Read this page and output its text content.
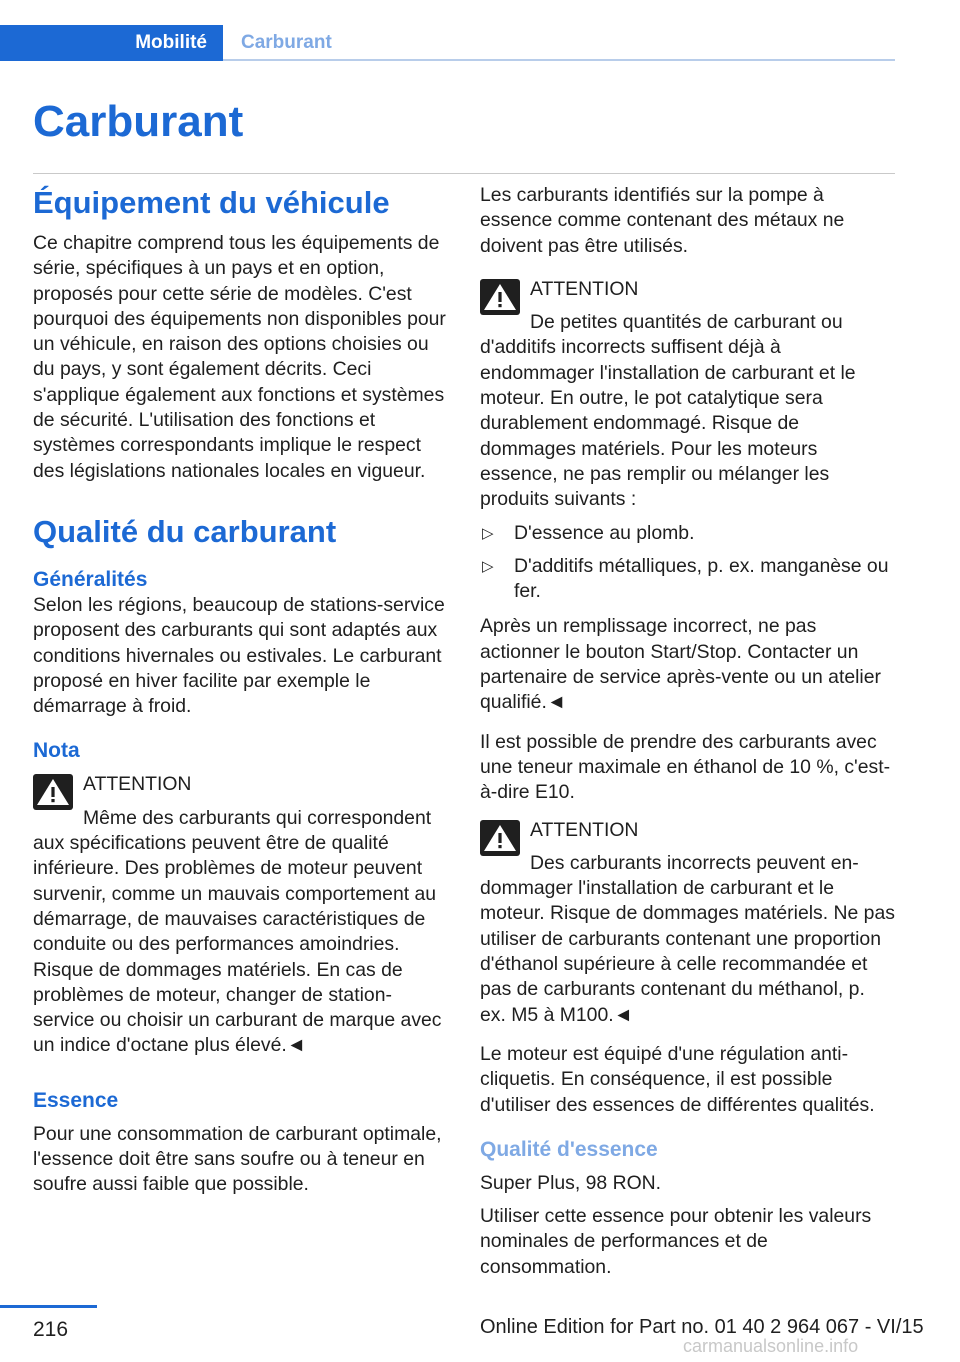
Mobilité	Carburant
Carburant
Équipement du véhicule

Ce chapitre comprend tous les équipements de série, spécifiques à un pays et en option, proposés pour cette série de modèles. C'est pourquoi des équipements non disponibles pour un véhicule, en raison des options choisies ou du pays, y sont également décrits. Ceci s'applique également aux fonctions et systèmes de sécurité. L'utilisation des fonctions et systèmes correspondants implique le respect des législations nationales locales en vigueur.

Qualité du carburant
Généralités

Selon les régions, beaucoup de stations-service proposent des carburants qui sont adaptés aux conditions hivernales ou estivales. Le carburant proposé en hiver facilite par exemple le démarrage à froid.

Nota
ATTENTION
Même des carburants qui correspondent
aux spécifications peuvent être de qualité inférieure. Des problèmes de moteur peuvent survenir, comme un mauvais comportement au démarrage, de mauvaises caractéristiques de conduite ou des performances amoindries. Risque de dommages matériels. En cas de problèmes de moteur, changer de station-service ou choisir un carburant de marque avec un indice d'octane plus élevé.◄
Essence

Pour une consommation de carburant optimale, l'essence doit être sans soufre ou à teneur en soufre aussi faible que possible.

Les carburants identifiés sur la pompe à essence comme contenant des métaux ne doivent pas être utilisés.

ATTENTION
De petites quantités de carburant ou
d'additifs incorrects suffisent déjà à endommager l'installation de carburant et le moteur. En outre, le pot catalytique sera durablement endommagé. Risque de dommages matériels. Pour les moteurs essence, ne pas remplir ou mélanger les produits suivants :
▷ D'essence au plomb.
▷ D'additifs métalliques, p. ex. manganèse ou fer.

Après un remplissage incorrect, ne pas actionner le bouton Start/Stop. Contacter un partenaire de service après-vente ou un atelier qualifié.◄

Il est possible de prendre des carburants avec une teneur maximale en éthanol de 10 %, c'est-à-dire E10.

ATTENTION
Des carburants incorrects peuvent en-
dommager l'installation de carburant et le moteur. Risque de dommages matériels. Ne pas utiliser de carburants contenant une proportion d'éthanol supérieure à celle recommandée et pas de carburants contenant du méthanol, p. ex. M5 à M100.◄

Le moteur est équipé d'une régulation anti-cliquetis. En conséquence, il est possible d'utiliser des essences de différentes qualités.

Qualité d'essence

Super Plus, 98 RON.

Utiliser cette essence pour obtenir les valeurs nominales de performances et de consommation.

216	Online Edition for Part no. 01 40 2 964 067 - VI/15
carmanualsonline.info
